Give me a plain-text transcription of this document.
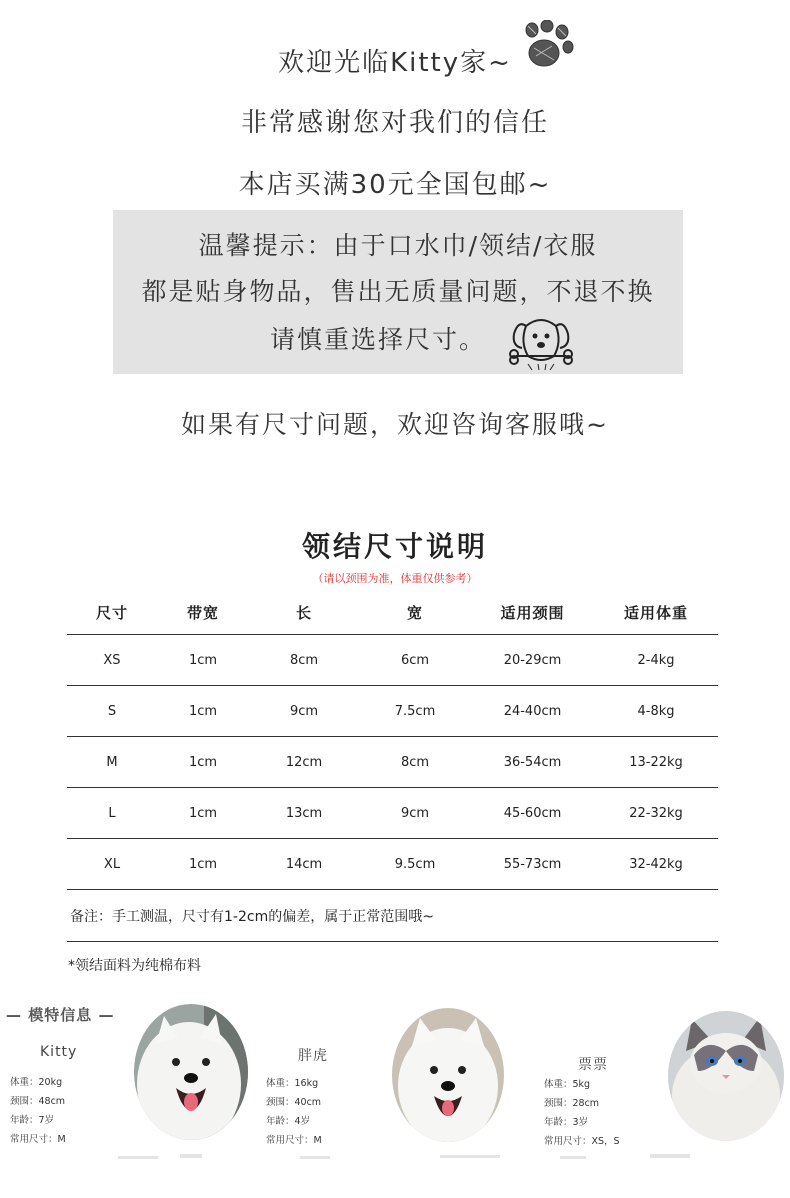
欢迎光临Kitty家~
非常感谢您对我们的信任
本店买满30元全国包邮~
温馨提示：由于口水巾/领结/衣服
都是贴身物品，售出无质量问题，不退不换
请慎重选择尺寸。
如果有尺寸问题，欢迎咨询客服哦~
领结尺寸说明
（请以颈围为准，体重仅供参考）
尺寸	带宽	长	宽	适用颈围	适用体重
XS	1cm	8cm	6cm	20-29cm	2-4kg
S	1cm	9cm	7.5cm	24-40cm	4-8kg
M	1cm	12cm	8cm	36-54cm	13-22kg
L	1cm	13cm	9cm	45-60cm	22-32kg
XL	1cm	14cm	9.5cm	55-73cm	32-42kg
备注：手工测温，尺寸有1-2cm的偏差，属于正常范围哦~
*领结面料为纯棉布料
— 模特信息 —
Kitty
体重：20kg
颈围：48cm
年龄：7岁
常用尺寸：M
胖虎
体重：16kg
颈围：40cm
年龄：4岁
常用尺寸：M
票票
体重：5kg
颈围：28cm
年龄：3岁
常用尺寸：XS，S
